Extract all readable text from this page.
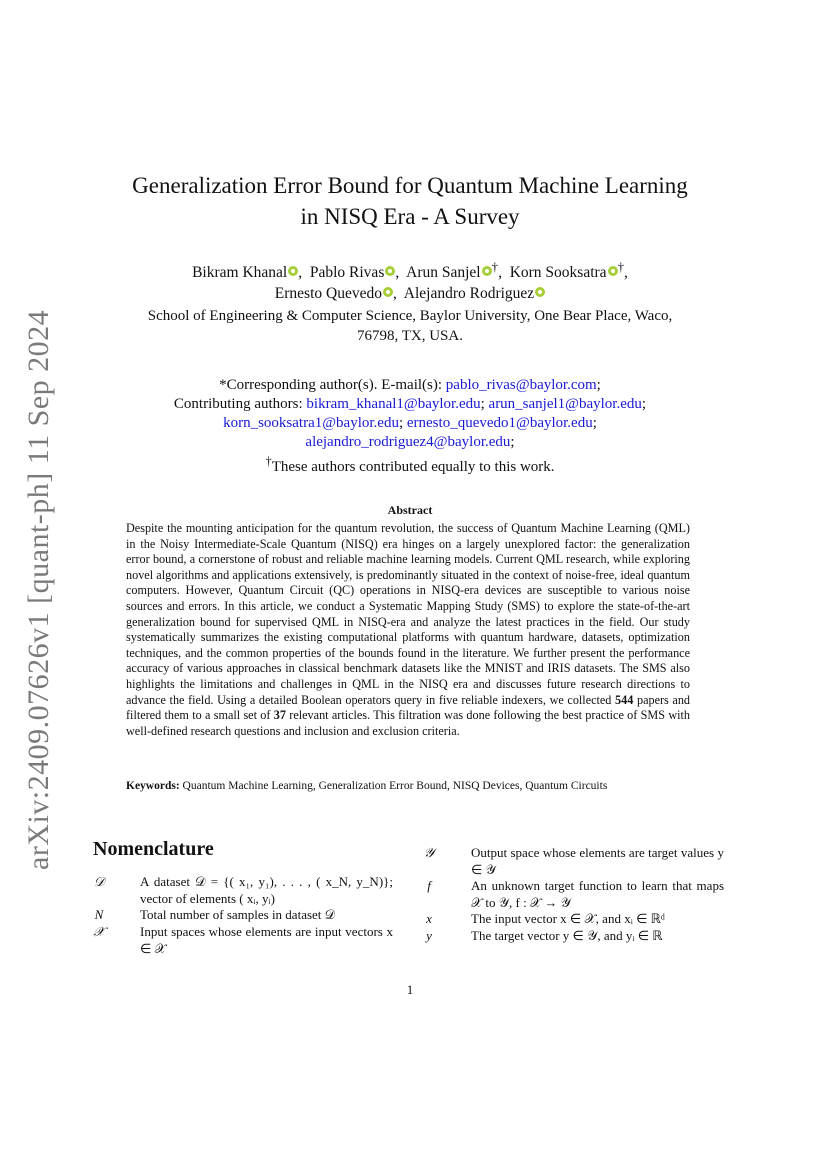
arXiv:2409.07626v1 [quant-ph] 11 Sep 2024
Generalization Error Bound for Quantum Machine Learning
in NISQ Era - A Survey
Bikram Khanal ,  Pablo Rivas ,  Arun Sanjel †,  Korn Sooksatra †,
Ernesto Quevedo ,  Alejandro Rodriguez
School of Engineering & Computer Science, Baylor University, One Bear Place, Waco,
76798, TX, USA.
*Corresponding author(s). E-mail(s): pablo_rivas@baylor.com;
Contributing authors: bikram_khanal1@baylor.edu; arun_sanjel1@baylor.edu;
korn_sooksatra1@baylor.edu; ernesto_quevedo1@baylor.edu;
alejandro_rodriguez4@baylor.edu;
†These authors contributed equally to this work.
Abstract
Despite the mounting anticipation for the quantum revolution, the success of Quantum Machine Learning (QML) in the Noisy Intermediate-Scale Quantum (NISQ) era hinges on a largely unexplored factor: the generalization error bound, a cornerstone of robust and reliable machine learning models. Current QML research, while exploring novel algorithms and applications extensively, is predominantly situated in the context of noise-free, ideal quantum computers. However, Quantum Circuit (QC) operations in NISQ-era devices are susceptible to various noise sources and errors. In this article, we conduct a Systematic Mapping Study (SMS) to explore the state-of-the-art generalization bound for supervised QML in NISQ-era and analyze the latest practices in the field. Our study systematically summarizes the existing computational platforms with quantum hardware, datasets, optimization techniques, and the common properties of the bounds found in the literature. We further present the performance accuracy of various approaches in classical benchmark datasets like the MNIST and IRIS datasets. The SMS also highlights the limitations and challenges in QML in the NISQ era and discusses future research directions to advance the field. Using a detailed Boolean operators query in five reliable indexers, we collected 544 papers and filtered them to a small set of 37 relevant articles. This filtration was done following the best practice of SMS with well-defined research questions and inclusion and exclusion criteria.
Keywords: Quantum Machine Learning, Generalization Error Bound, NISQ Devices, Quantum Circuits
Nomenclature
𝒟	A dataset 𝒟 = {( x₁, y₁), . . . , ( x_N, y_N)}; vector of elements ( xᵢ, yᵢ)
N	Total number of samples in dataset 𝒟
𝒳	Input spaces whose elements are input vectors x ∈ 𝒳
𝒴	Output space whose elements are target values y ∈ 𝒴
f	An unknown target function to learn that maps 𝒳 to 𝒴, f : 𝒳 → 𝒴
x	The input vector x ∈ 𝒳, and xᵢ ∈ ℝᵈ
y	The target vector y ∈ 𝒴, and yᵢ ∈ ℝ
1
